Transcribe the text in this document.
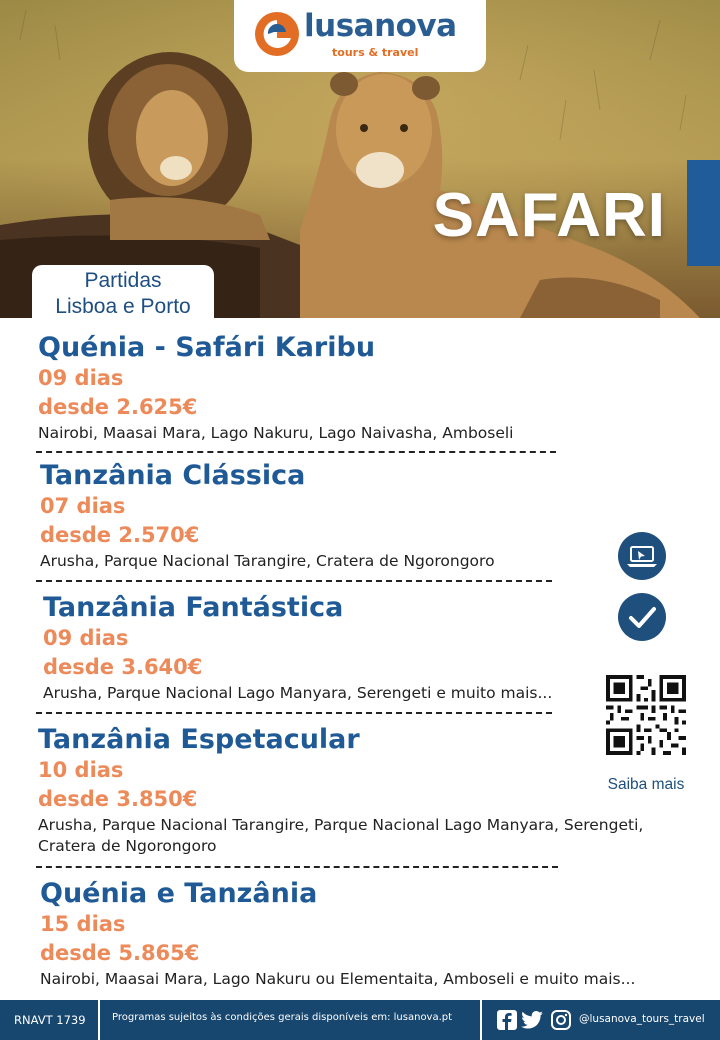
lusanova
tours & travel
SAFARI
Partidas
Lisboa e Porto
Quénia - Safári Karibu
09 dias
desde 2.625€
Nairobi, Maasai Mara, Lago Nakuru, Lago Naivasha, Amboseli
Tanzânia Clássica
07 dias
desde 2.570€
Arusha, Parque Nacional Tarangire, Cratera de Ngorongoro
Tanzânia Fantástica
09 dias
desde 3.640€
Arusha, Parque Nacional Lago Manyara, Serengeti e muito mais...
Tanzânia Espetacular
10 dias
desde 3.850€
Arusha, Parque Nacional Tarangire, Parque Nacional Lago Manyara, Serengeti, Cratera de Ngorongoro
Quénia e Tanzânia
15 dias
desde 5.865€
Nairobi, Maasai Mara, Lago Nakuru ou Elementaita, Amboseli e muito mais...
Saiba mais
RNAVT 1739	Programas sujeitos às condições gerais disponíveis em: lusanova.pt	@lusanova_tours_travel
